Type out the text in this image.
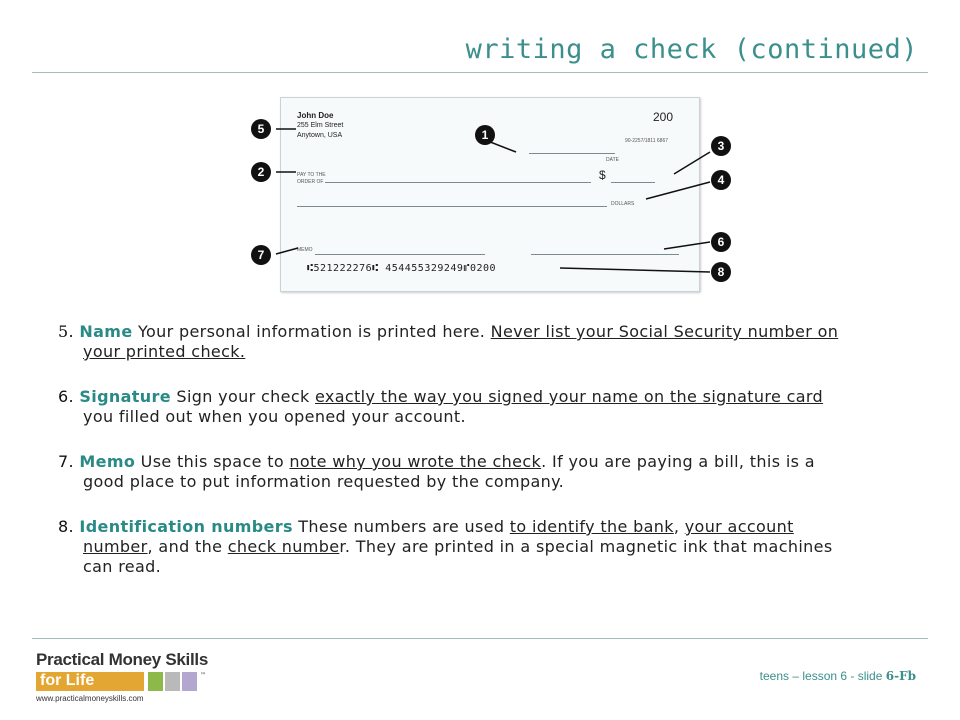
writing a check (continued)
John Doe
255 Elm Street
Anytown, USA
200
90-2257/1811 6867
DATE
PAY TO THE
ORDER OF	$
DOLLARS
MEMO
⑆521222276⑆ 454455329249⑈0200
1
2
3
4
5
6
7
8
5. Name Your personal information is printed here. Never list your Social Security number on your printed check.
6. Signature Sign your check exactly the way you signed your name on the signature card you filled out when you opened your account.
7. Memo Use this space to note why you wrote the check. If you are paying a bill, this is a good place to put information requested by the company.
8. Identification numbers These numbers are used to identify the bank, your account number, and the check number. They are printed in a special magnetic ink that machines can read.
Practical Money Skills
for Life	™
www.practicalmoneyskills.com
teens – lesson 6 - slide 6-Fb
